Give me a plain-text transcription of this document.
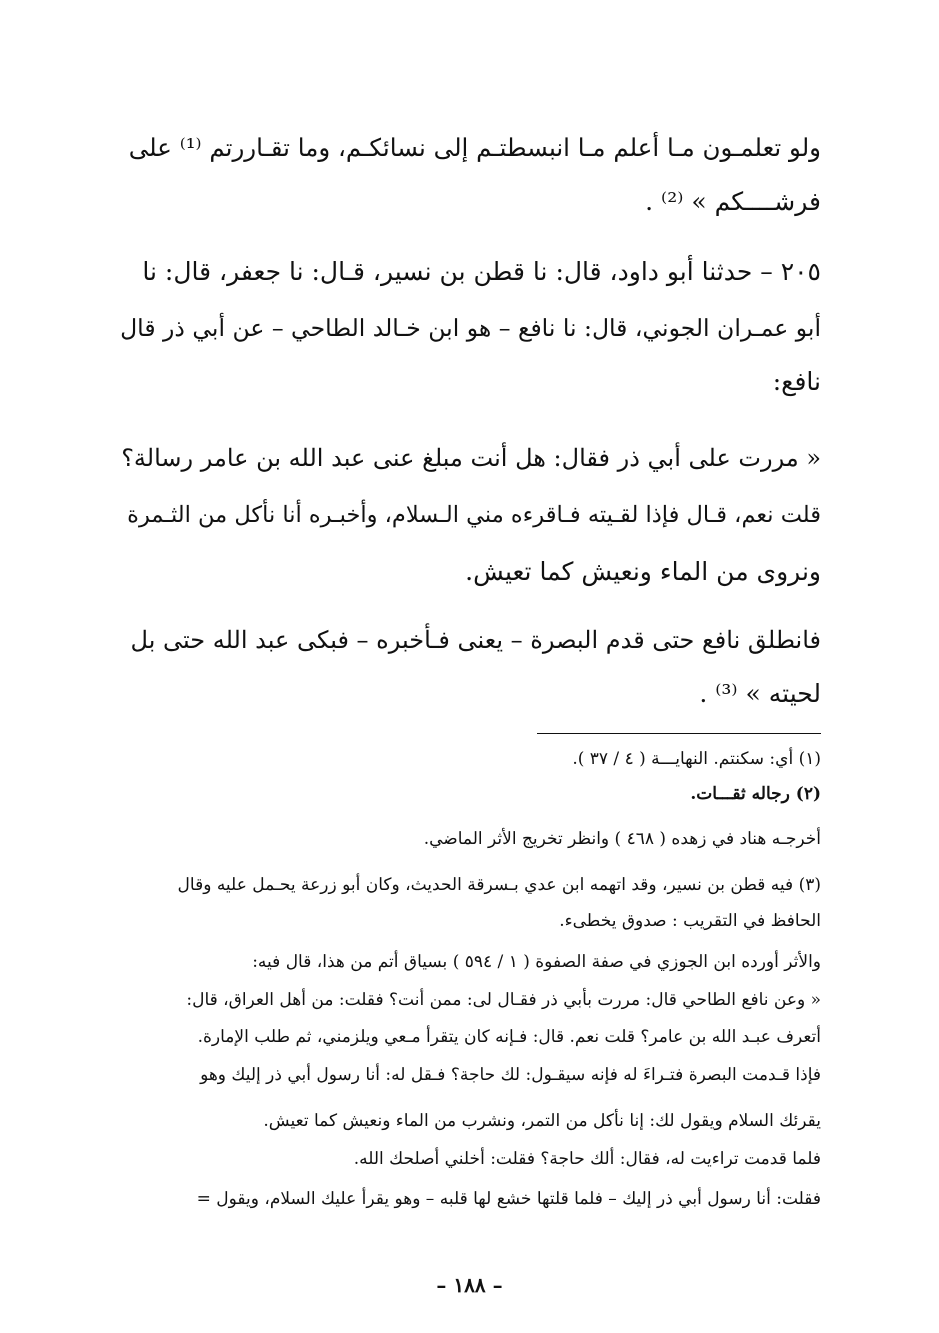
ولو تعلمـون مـا أعلم مـا انبسطتـم إلى نسائكـم، وما تقـاررتم ⁽¹⁾ على
فرشــــكم » ⁽²⁾ .
٢٠٥ – حدثنا أبو داود، قال: نا قطن بن نسير، قـال: نا جعفر، قال: نا
أبو عمـران الجوني، قال: نا نافع – هو ابن خـالد الطاحي – عن أبي ذر قال
نافع:
« مررت على أبي ذر فقال: هل أنت مبلغ عنى عبد الله بن عامر رسالة؟
قلت نعم، قـال فإذا لقـيته فـاقرءه مني الـسلام، وأخبـره أنا نأكل من الثـمرة
ونروى من الماء ونعيش كما تعيش.
فانطلق نافع حتى قدم البصرة – يعنى فـأخبره – فبكى عبد الله حتى بل
لحيته » ⁽³⁾ .
(١) أي: سكنتم. النهايـــة ( ٤ / ٣٧ ).
(٢) رجاله ثقـــات.
أخرجـه هناد في زهده ( ٤٦٨ ) وانظر تخريج الأثر الماضي.
(٣) فيه قطن بن نسير، وقد اتهمه ابن عدي بـسرقة الحديث، وكان أبو زرعة يحـمل عليه وقال
الحافظ في التقريب : صدوق يخطىء.
والأثر أورده ابن الجوزي في صفة الصفوة ( ١ / ٥٩٤ ) بسياق أتم من هذا، قال فيه:
« وعن نافع الطاحي قال: مررت بأبي ذر فقـال لى: ممن أنت؟ فقلت: من أهل العراق، قال:
أتعرف عبـد الله بن عامر؟ قلت نعم. قال: فـإنه كان يتقرأ مـعي ويلزمني، ثم طلب الإمارة.
فإذا قـدمت البصرة فتـراءَ له فإنه سيقـول: لك حاجة؟ فـقل له: أنا رسول أبي ذر إليك وهو
يقرئك السلام ويقول لك: إنا نأكل من التمر، ونشرب من الماء ونعيش كما تعيش.
فلما قدمت تراءيت له، فقال: ألك حاجة؟ فقلت: أخلني أصلحك الله.
فقلت: أنا رسول أبي ذر إليك – فلما قلتها خشع لها قلبه – وهو يقرأ عليك السلام، ويقول =
– ١٨٨ –
